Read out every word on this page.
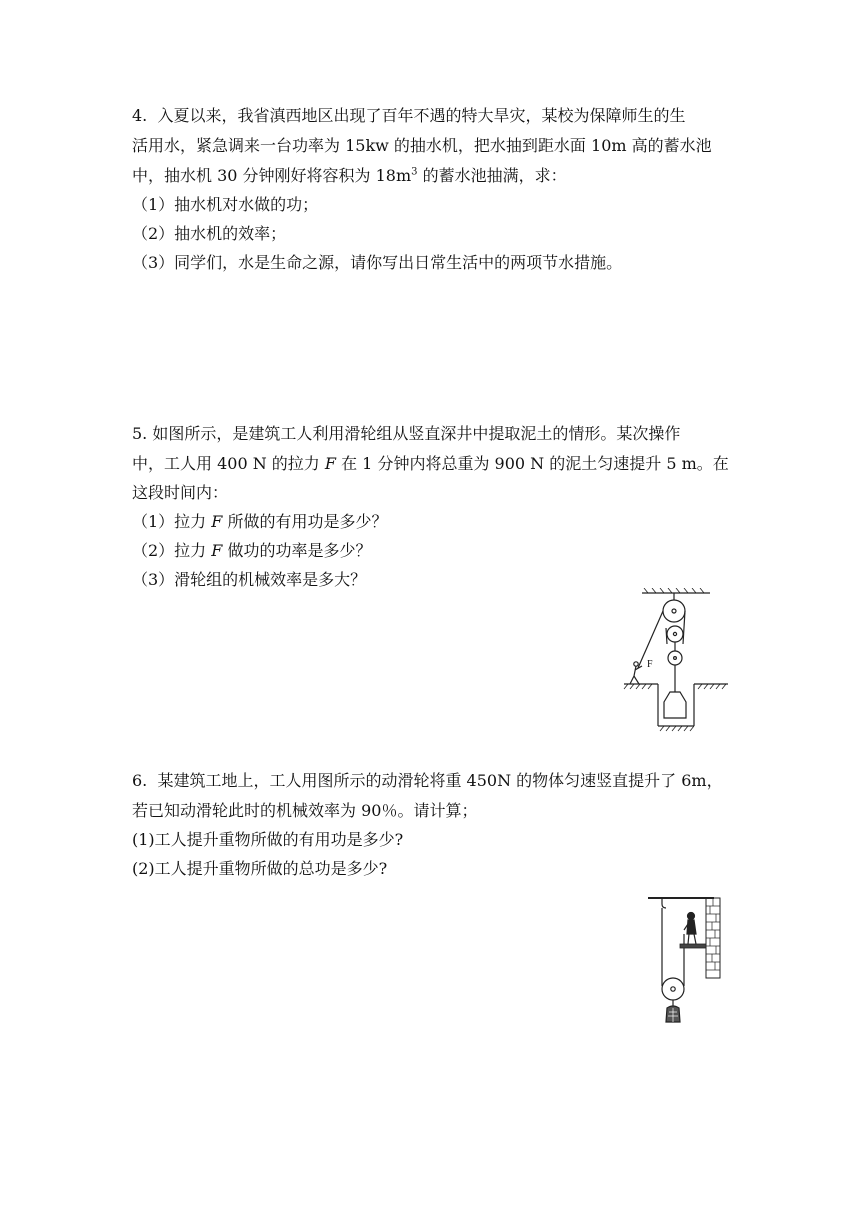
4. 入夏以来，我省滇西地区出现了百年不遇的特大旱灾，某校为保障师生的生
活用水，紧急调来一台功率为 15kw 的抽水机，把水抽到距水面 10m 高的蓄水池
中，抽水机 30 分钟刚好将容积为 $18m^3$ 的蓄水池抽满，求：
（1）抽水机对水做的功；
（2）抽水机的效率；
（3）同学们，水是生命之源，请你写出日常生活中的两项节水措施。
5. 如图所示，是建筑工人利用滑轮组从竖直深井中提取泥土的情形。某次操作
中，工人用 400 N 的拉力 F 在 1 分钟内将总重为 900 N 的泥土匀速提升 5 m。在
这段时间内：
（1）拉力 F 所做的有用功是多少？
（2）拉力 F 做功的功率是多少？
（3）滑轮组的机械效率是多大？
F
6. 某建筑工地上，工人用图所示的动滑轮将重 450N 的物体匀速竖直提升了 6m，
若已知动滑轮此时的机械效率为 90％。请计算；
(1)工人提升重物所做的有用功是多少?
(2)工人提升重物所做的总功是多少?
